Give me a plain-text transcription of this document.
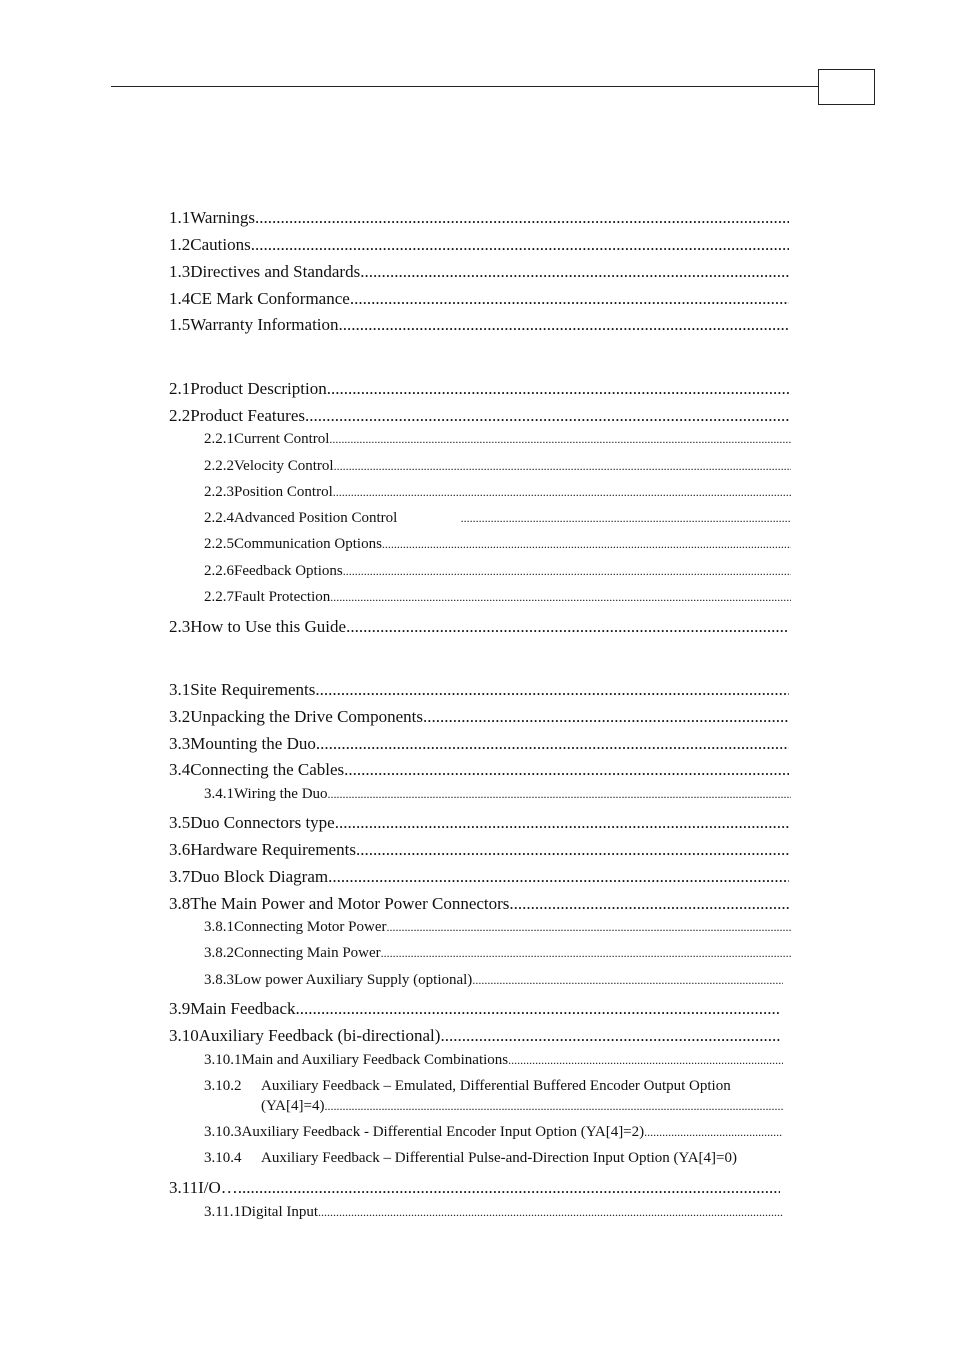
1.1 Warnings
.....
1.2 Cautions
.....
1.3 Directives and Standards
.....
1.4 CE Mark Conformance
.....
1.5 Warranty Information
.....
2.1 Product Description
.....
2.2 Product Features
.....
2.2.1 Current Control
.....
2.2.2 Velocity Control
.....
2.2.3 Position Control
.....
2.2.4 Advanced Position Control
.....
2.2.5 Communication Options
.....
2.2.6 Feedback Options
.....
2.2.7 Fault Protection
.....
2.3 How to Use this Guide
.....
3.1 Site Requirements
.....
3.2 Unpacking the Drive Components
.....
3.3 Mounting the Duo
.....
3.4 Connecting the Cables
.....
3.4.1 Wiring the Duo
.....
3.5 Duo Connectors type
.....
3.6 Hardware Requirements
.....
3.7 Duo Block Diagram
.....
3.8 The Main Power and Motor Power Connectors
.....
3.8.1 Connecting Motor Power
.....
3.8.2 Connecting Main Power
.....
3.8.3 Low power Auxiliary Supply (optional)
.....
3.9 Main Feedback
.....
3.10 Auxiliary Feedback (bi-directional)
.....
3.10.1 Main and Auxiliary Feedback Combinations
.....
3.10.2	Auxiliary Feedback – Emulated, Differential Buffered Encoder Output Option
(YA[4]=4)
.....
3.10.3 Auxiliary Feedback - Differential Encoder Input Option (YA[4]=2)
.....
3.10.4	Auxiliary Feedback – Differential Pulse-and-Direction Input Option (YA[4]=0)
3.11 I/O…
.....
3.11.1 Digital Input
.....
